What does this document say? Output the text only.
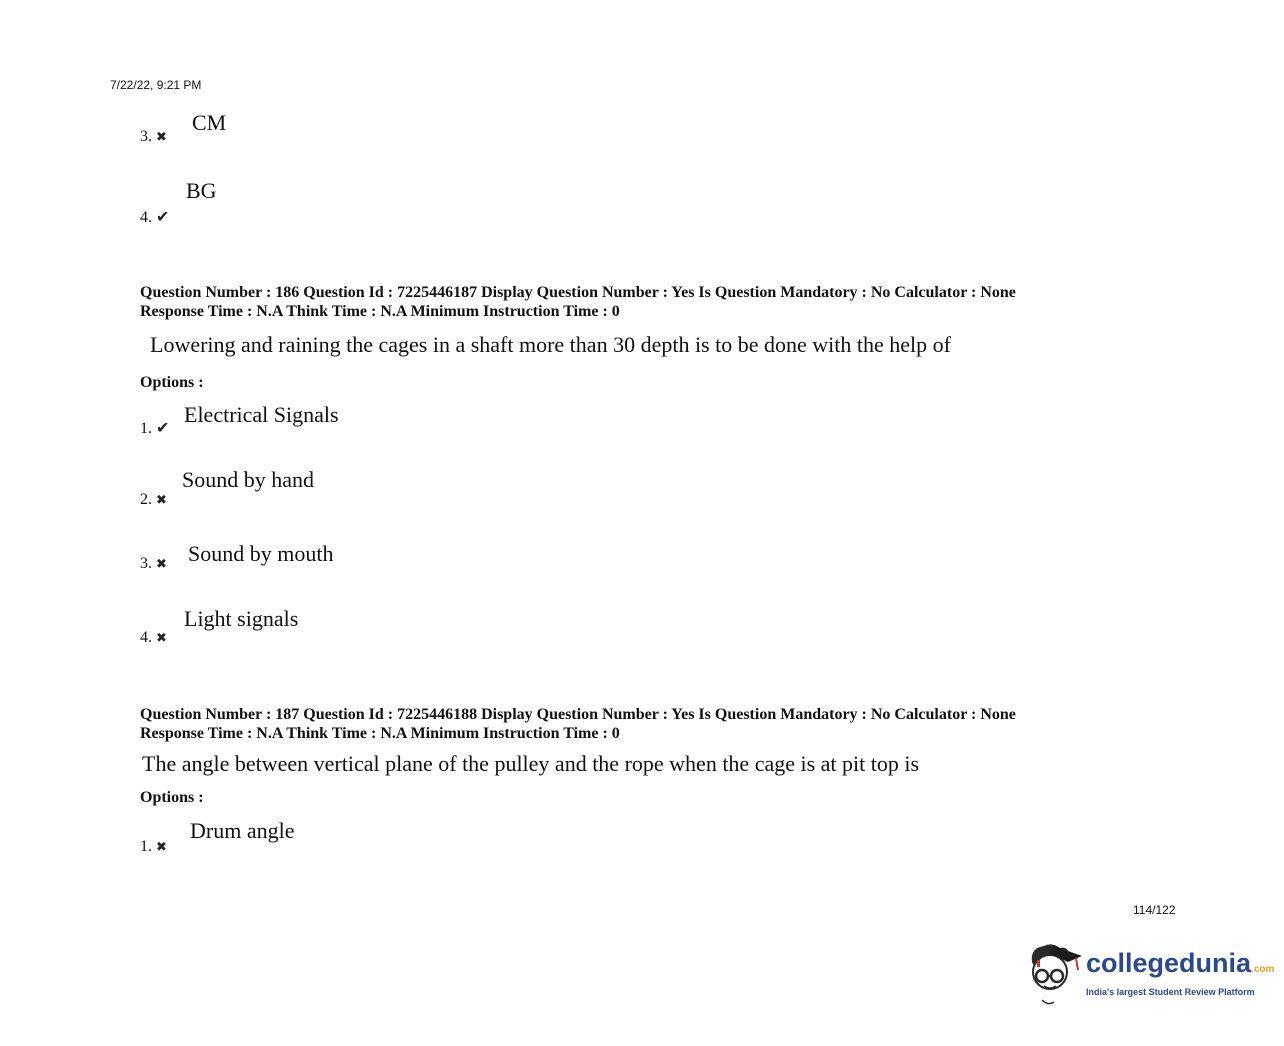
7/22/22, 9:21 PM
CM
3. ✖
BG
4. ✔
Question Number : 186 Question Id : 7225446187 Display Question Number : Yes Is Question Mandatory : No Calculator : None
Response Time : N.A Think Time : N.A Minimum Instruction Time : 0
Lowering and raining the cages in a shaft more than 30 depth is to be done with the help of
Options :
Electrical Signals
1. ✔
Sound by hand
2. ✖
Sound by mouth
3. ✖
Light signals
4. ✖
Question Number : 187 Question Id : 7225446188 Display Question Number : Yes Is Question Mandatory : No Calculator : None
Response Time : N.A Think Time : N.A Minimum Instruction Time : 0
The angle between vertical plane of the pulley and the rope when the cage is at pit top is
Options :
Drum angle
1. ✖
114/122
collegedunia.com
India's largest Student Review Platform
